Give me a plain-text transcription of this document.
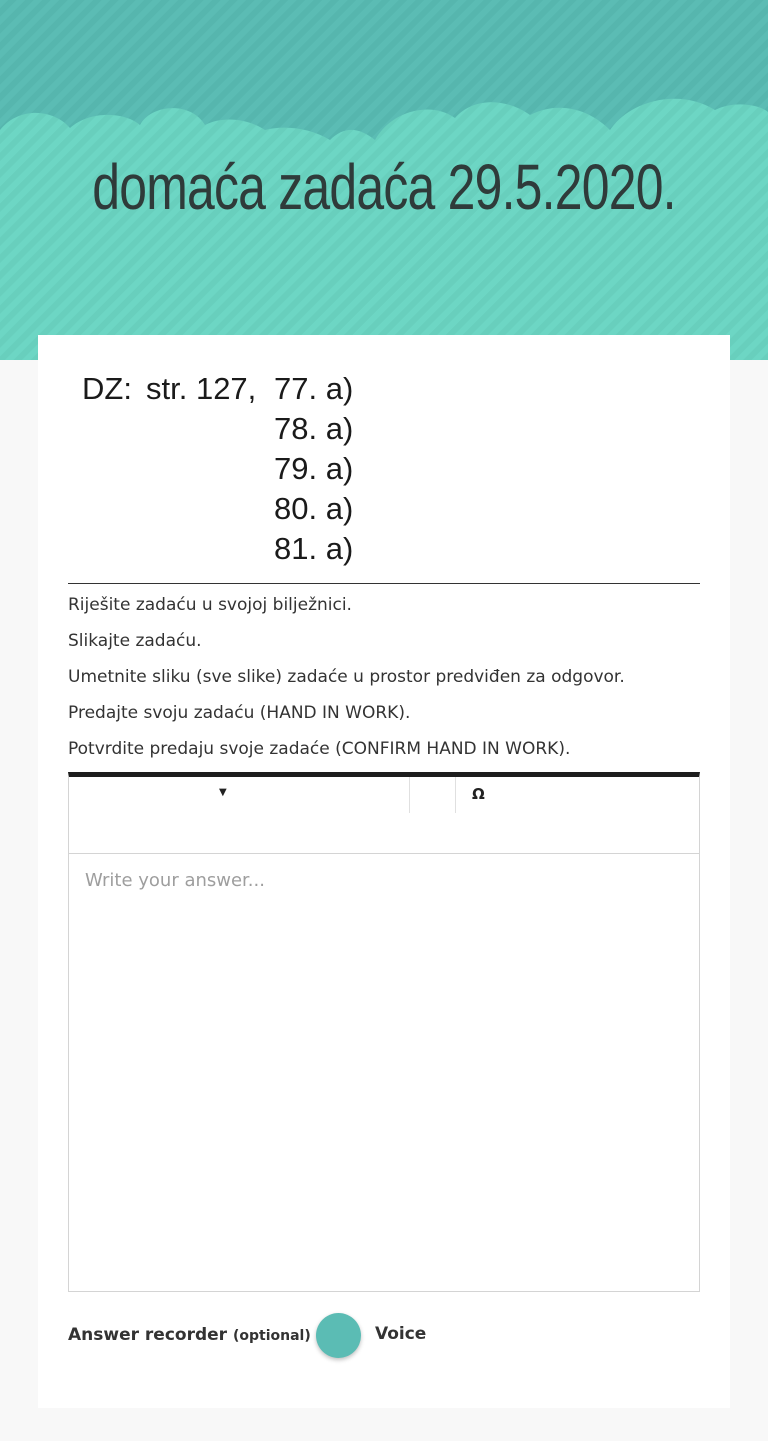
domaća zadaća 29.5.2020.
DZ: str. 127, 77. a)
78. a)
79. a)
80. a)
81. a)
Riješite zadaću u svojoj bilježnici.
Slikajte zadaću.
Umetnite sliku (sve slike) zadaće u prostor predviđen za odgovor.
Predajte svoju zadaću (HAND IN WORK).
Potvrdite predaju svoje zadaće (CONFIRM HAND IN WORK).
▼	Ω
Write your answer...
Answer recorder (optional)	Voice
